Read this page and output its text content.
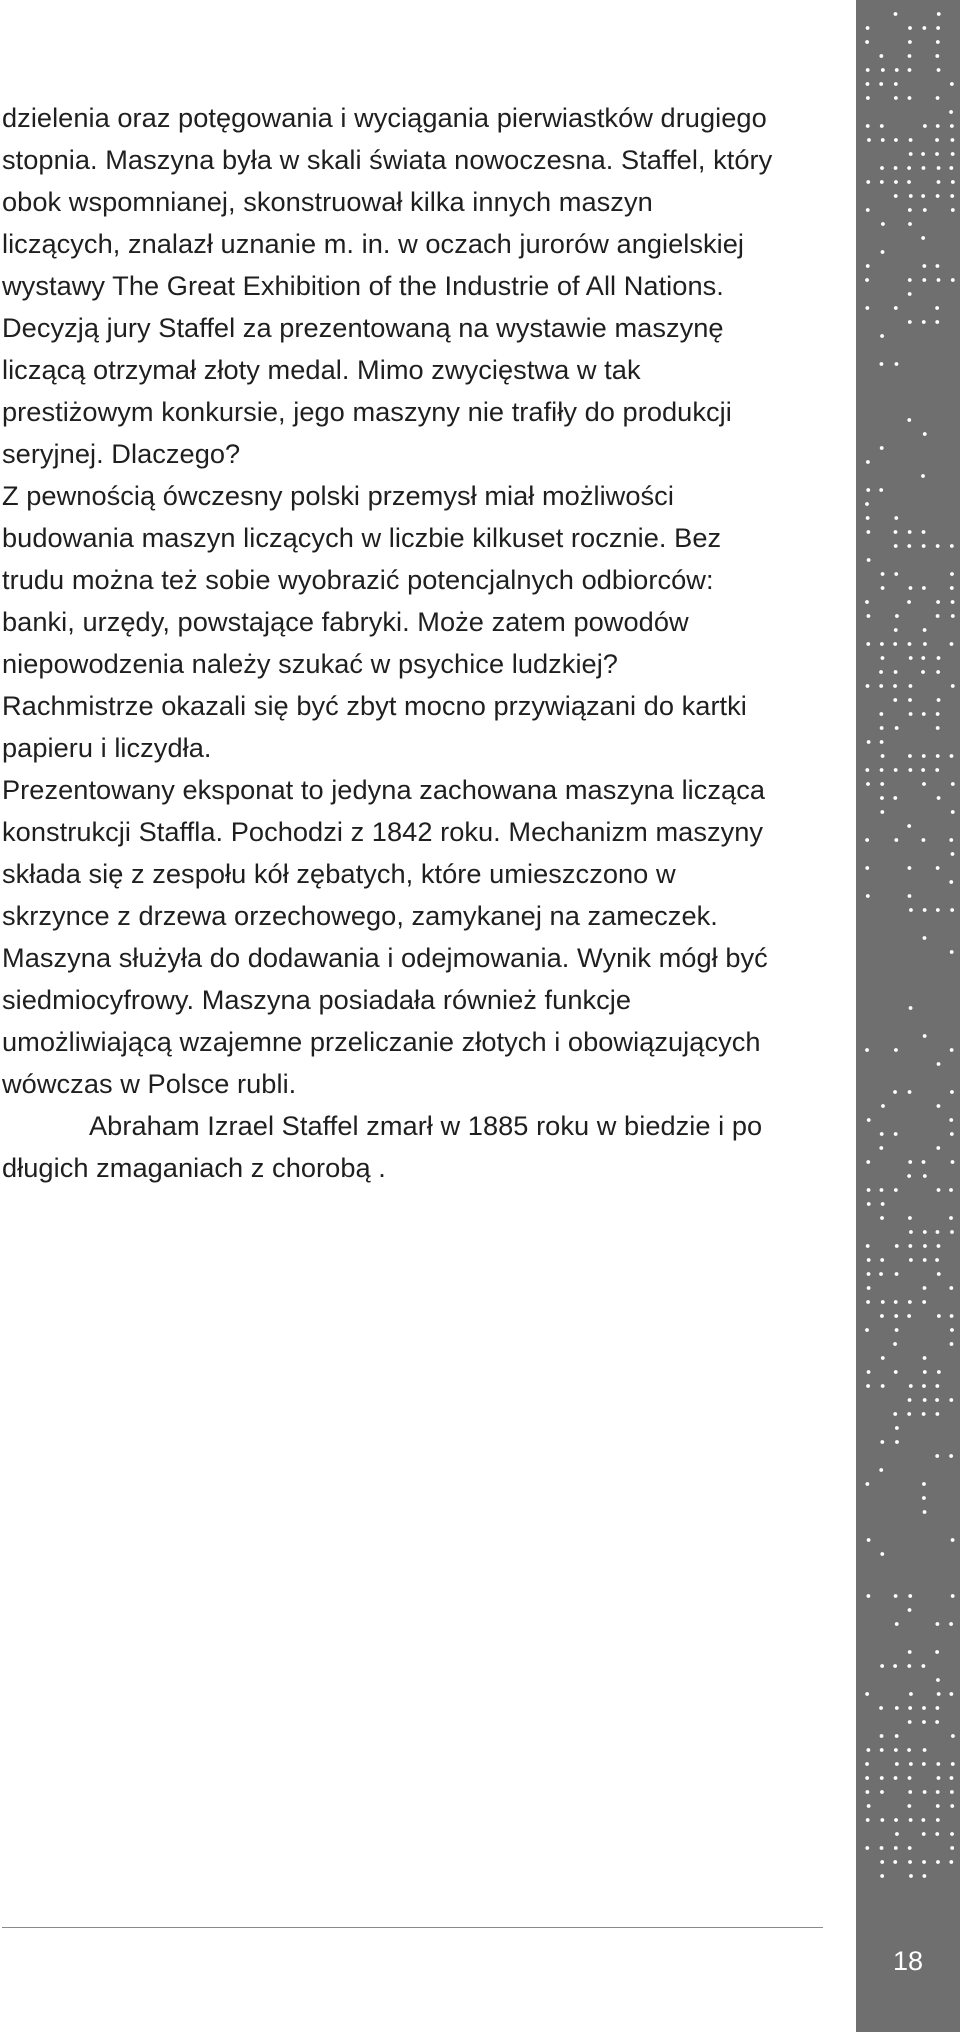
dzielenia oraz potęgowania i wyciągania pierwiastków drugiego
stopnia. Maszyna była w skali świata nowoczesna. Staffel, który
obok wspomnianej, skonstruował kilka innych maszyn
liczących, znalazł uznanie m. in. w oczach jurorów angielskiej
wystawy The Great Exhibition of the Industrie of All Nations.
Decyzją jury Staffel za prezentowaną na wystawie maszynę
liczącą otrzymał złoty medal. Mimo zwycięstwa w tak
prestiżowym konkursie, jego maszyny nie trafiły do produkcji
seryjnej. Dlaczego?
Z pewnością ówczesny polski przemysł miał możliwości
budowania maszyn liczących w liczbie kilkuset rocznie. Bez
trudu można też sobie wyobrazić potencjalnych odbiorców:
banki, urzędy, powstające fabryki. Może zatem powodów
niepowodzenia należy szukać w psychice ludzkiej?
Rachmistrze okazali się być zbyt mocno przywiązani do kartki
papieru i liczydła.
Prezentowany eksponat to jedyna zachowana maszyna licząca
konstrukcji Staffla. Pochodzi z 1842 roku. Mechanizm maszyny
składa się z zespołu kół zębatych, które umieszczono w
skrzynce z drzewa orzechowego, zamykanej na zameczek.
Maszyna służyła do dodawania i odejmowania. Wynik mógł być
siedmiocyfrowy. Maszyna posiadała również funkcje
umożliwiającą wzajemne przeliczanie złotych i obowiązujących
wówczas w Polsce rubli.
Abraham Izrael Staffel zmarł w 1885 roku w biedzie i po
długich zmaganiach z chorobą .
18
